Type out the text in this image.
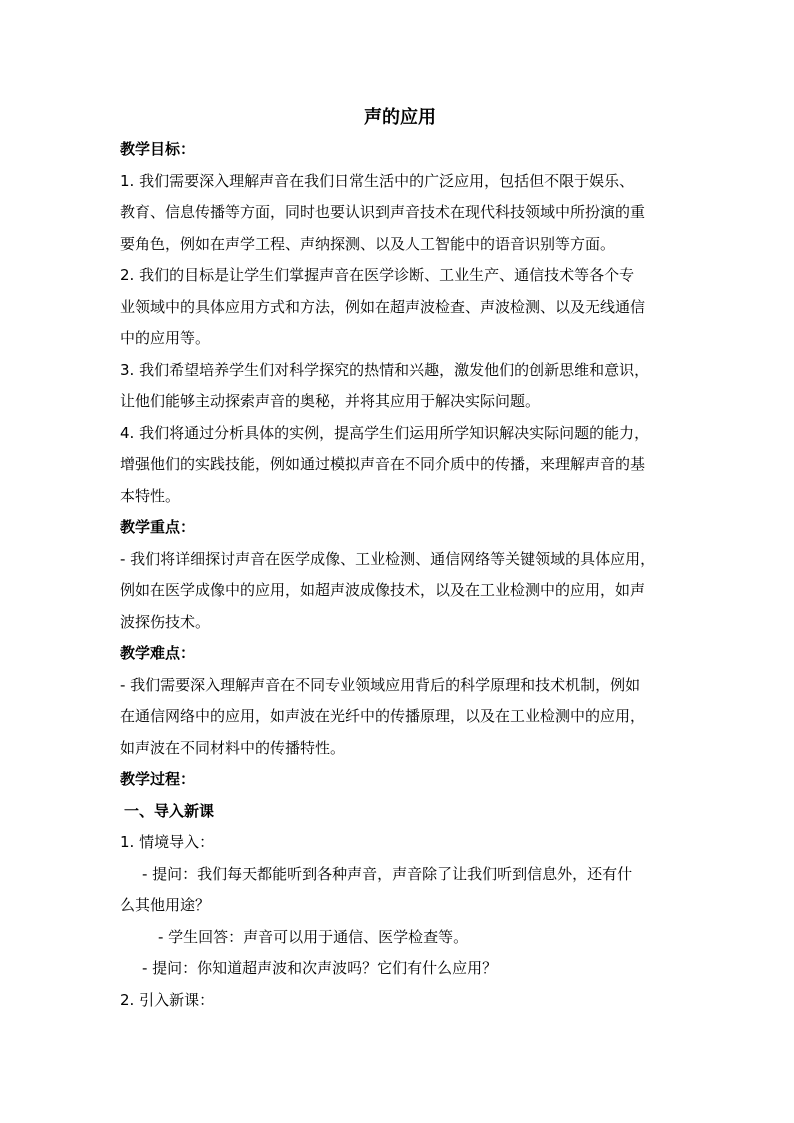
声的应用

教学目标：

1. 我们需要深入理解声音在我们日常生活中的广泛应用，包括但不限于娱乐、

教育、信息传播等方面，同时也要认识到声音技术在现代科技领域中所扮演的重

要角色，例如在声学工程、声纳探测、以及人工智能中的语音识别等方面。

2. 我们的目标是让学生们掌握声音在医学诊断、工业生产、通信技术等各个专

业领域中的具体应用方式和方法，例如在超声波检查、声波检测、以及无线通信

中的应用等。

3. 我们希望培养学生们对科学探究的热情和兴趣，激发他们的创新思维和意识，

让他们能够主动探索声音的奥秘，并将其应用于解决实际问题。

4. 我们将通过分析具体的实例，提高学生们运用所学知识解决实际问题的能力，

增强他们的实践技能，例如通过模拟声音在不同介质中的传播，来理解声音的基

本特性。

教学重点：

- 我们将详细探讨声音在医学成像、工业检测、通信网络等关键领域的具体应用，

例如在医学成像中的应用，如超声波成像技术，以及在工业检测中的应用，如声

波探伤技术。

教学难点：

- 我们需要深入理解声音在不同专业领域应用背后的科学原理和技术机制，例如

在通信网络中的应用，如声波在光纤中的传播原理，以及在工业检测中的应用，

如声波在不同材料中的传播特性。

教学过程：

一、导入新课

1. 情境导入：

- 提问：我们每天都能听到各种声音，声音除了让我们听到信息外，还有什

么其他用途？

- 学生回答：声音可以用于通信、医学检查等。

- 提问：你知道超声波和次声波吗？它们有什么应用？

2. 引入新课：
